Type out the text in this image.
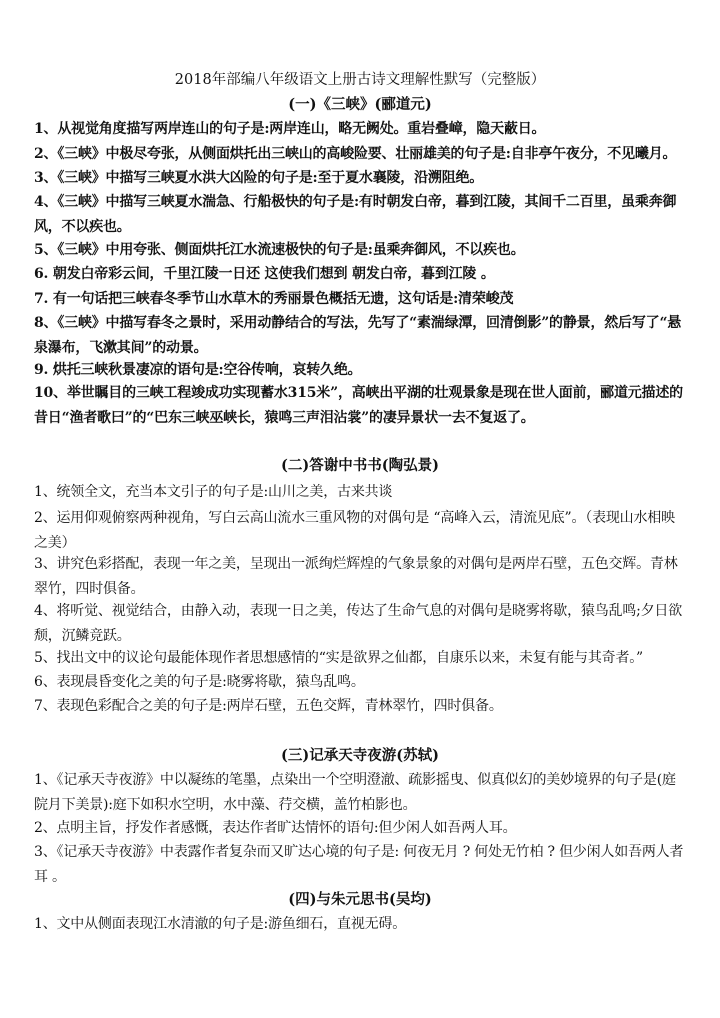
2018年部编八年级语文上册古诗文理解性默写（完整版）
(一)《三峡》(郦道元)
1、从视觉角度描写两岸连山的句子是:两岸连山，略无阙处。重岩叠嶂，隐天蔽日。
2、《三峡》中极尽夸张，从侧面烘托出三峡山的高峻险要、壮丽雄美的句子是:自非亭午夜分，不见曦月。
3、《三峡》中描写三峡夏水洪大凶险的句子是:至于夏水襄陵，沿溯阻绝。
4、《三峡》中描写三峡夏水湍急、行船极快的句子是:有时朝发白帝，暮到江陵，其间千二百里，虽乘奔御风，不以疾也。
5、《三峡》中用夸张、侧面烘托江水流速极快的句子是:虽乘奔御风，不以疾也。
6. 朝发白帝彩云间，千里江陵一日还 这使我们想到 朝发白帝，暮到江陵 。
7. 有一句话把三峡春冬季节山水草木的秀丽景色概括无遗，这句话是:清荣峻茂
8、《三峡》中描写春冬之景时，采用动静结合的写法，先写了“素湍绿潭，回清倒影”的静景，然后写了“悬泉瀑布，飞漱其间”的动景。
9. 烘托三峡秋景凄凉的语句是:空谷传响，哀转久绝。
10、举世瞩目的三峡工程竣成功实现蓄水315米”，高峡出平湖的壮观景象是现在世人面前，郦道元描述的昔日“渔者歌曰”的“巴东三峡巫峡长，猿鸣三声泪沾裳”的凄异景状一去不复返了。
(二)答谢中书书(陶弘景)
1、统领全文，充当本文引子的句子是:山川之美，古来共谈
2、运用仰观俯察两种视角，写白云高山流水三重风物的对偶句是 “高峰入云，清流见底”。（表现山水相映之美）
3、讲究色彩搭配，表现一年之美，呈现出一派绚烂辉煌的气象景象的对偶句是两岸石壁，五色交辉。青林翠竹，四时俱备。
4、将听觉、视觉结合，由静入动，表现一日之美，传达了生命气息的对偶句是晓雾将歇，猿鸟乱鸣;夕日欲颓，沉鳞竞跃。
5、找出文中的议论句最能体现作者思想感情的“实是欲界之仙都，自康乐以来，未复有能与其奇者。”
6、表现晨昏变化之美的句子是:晓雾将歇，猿鸟乱鸣。
7、表现色彩配合之美的句子是:两岸石壁，五色交辉，青林翠竹，四时俱备。
(三)记承天寺夜游(苏轼)
1、《记承天寺夜游》中以凝练的笔墨，点染出一个空明澄澈、疏影摇曳、似真似幻的美妙境界的句子是(庭院月下美景):庭下如积水空明，水中藻、荇交横，盖竹柏影也。
2、点明主旨，抒发作者感慨，表达作者旷达情怀的语句:但少闲人如吾两人耳。
3、《记承天寺夜游》中表露作者复杂而又旷达心境的句子是: 何夜无月 ? 何处无竹柏 ? 但少闲人如吾两人者耳 。
(四)与朱元思书(吴均)
1、文中从侧面表现江水清澈的句子是:游鱼细石，直视无碍。
